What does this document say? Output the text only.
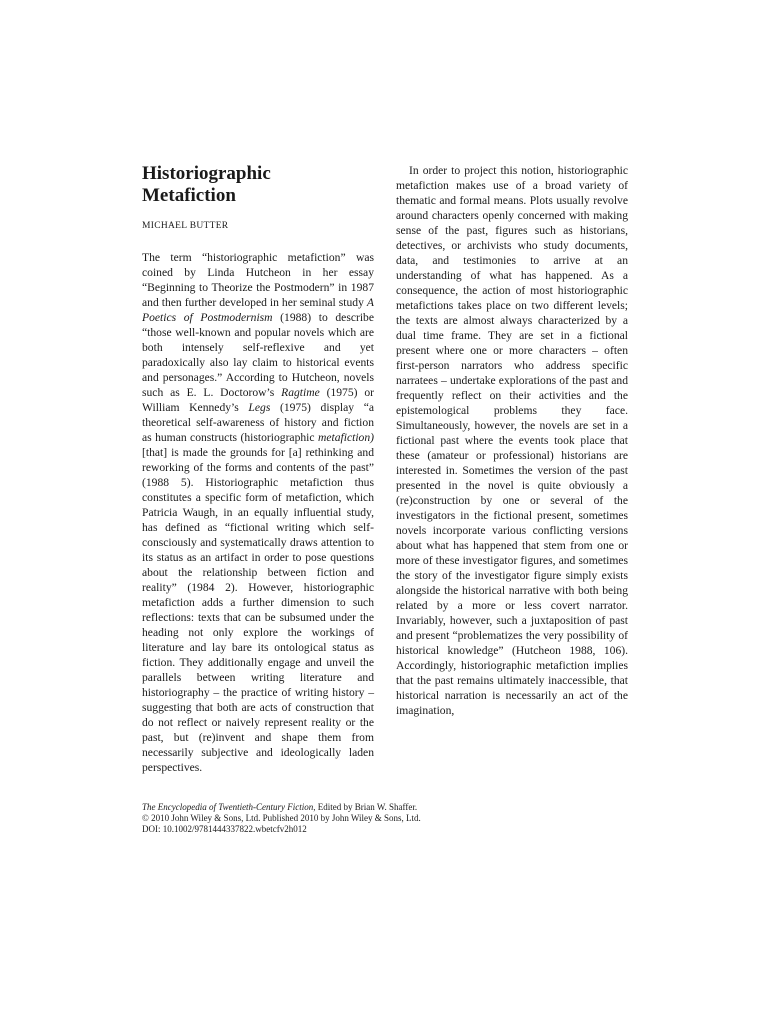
Historiographic
Metafiction
MICHAEL BUTTER

The term “historiographic metafiction” was coined by Linda Hutcheon in her essay “Beginning to Theorize the Postmodern” in 1987 and then further developed in her seminal study A Poetics of Postmodernism (1988) to describe “those well-known and popular novels which are both intensely self-reflexive and yet paradoxically also lay claim to historical events and personages.” According to Hutcheon, novels such as E. L. Doctorow’s Ragtime (1975) or William Kennedy’s Legs (1975) display “a theoretical self-awareness of history and fiction as human constructs (historiographic metafiction) [that] is made the grounds for [a] rethinking and reworking of the forms and contents of the past” (1988 5). Historiographic metafiction thus constitutes a specific form of metafiction, which Patricia Waugh, in an equally influential study, has defined as “fictional writing which self-consciously and systematically draws attention to its status as an artifact in order to pose questions about the relationship between fiction and reality” (1984 2). However, historiographic metafiction adds a further dimension to such reflections: texts that can be subsumed under the heading not only explore the workings of literature and lay bare its ontological status as fiction. They additionally engage and unveil the parallels between writing literature and historiography – the practice of writing history – suggesting that both are acts of construction that do not reflect or naively represent reality or the past, but (re)invent and shape them from necessarily subjective and ideologically laden perspectives.

In order to project this notion, historiographic metafiction makes use of a broad variety of thematic and formal means. Plots usually revolve around characters openly concerned with making sense of the past, figures such as historians, detectives, or archivists who study documents, data, and testimonies to arrive at an understanding of what has happened. As a consequence, the action of most historiographic metafictions takes place on two different levels; the texts are almost always characterized by a dual time frame. They are set in a fictional present where one or more characters – often first-person narrators who address specific narratees – undertake explorations of the past and frequently reflect on their activities and the epistemological problems they face. Simultaneously, however, the novels are set in a fictional past where the events took place that these (amateur or professional) historians are interested in. Sometimes the version of the past presented in the novel is quite obviously a (re)construction by one or several of the investigators in the fictional present, sometimes novels incorporate various conflicting versions about what has happened that stem from one or more of these investigator figures, and sometimes the story of the investigator figure simply exists alongside the historical narrative with both being related by a more or less covert narrator. Invariably, however, such a juxtaposition of past and present “problematizes the very possibility of historical knowledge” (Hutcheon 1988, 106). Accordingly, historiographic metafiction implies that the past remains ultimately inaccessible, that historical narration is necessarily an act of the imagination,

The Encyclopedia of Twentieth-Century Fiction, Edited by Brian W. Shaffer.
© 2010 John Wiley & Sons, Ltd. Published 2010 by John Wiley & Sons, Ltd.
DOI: 10.1002/9781444337822.wbetcfv2h012
